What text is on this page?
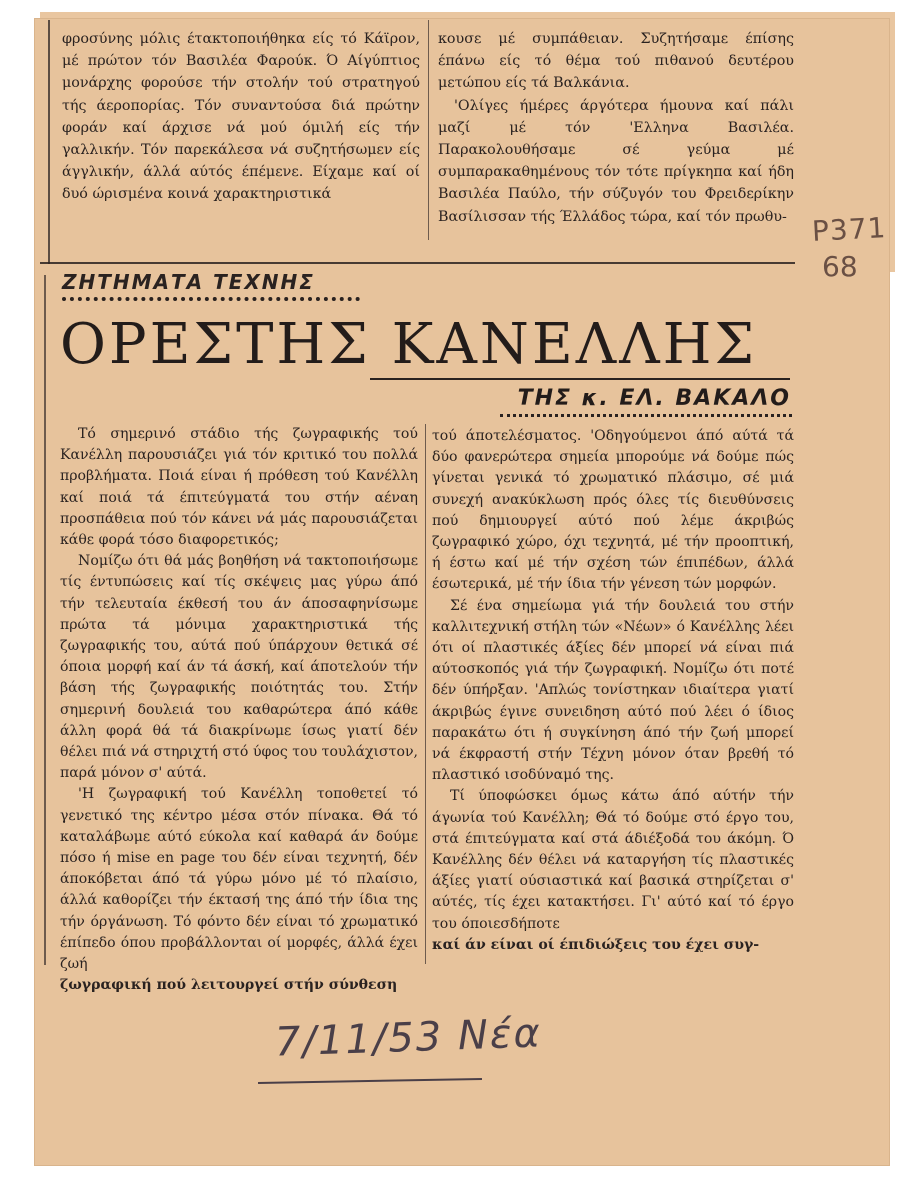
φροσύνης μόλις έτακτοποιήθηκα είς τό Κάϊρον, μέ πρώτον τόν Βασιλέα Φαρούκ. Ό Αίγύπτιος μονάρχης φορούσε τήν στολήν τού στρατηγού τής άεροπορίας. Τόν συναντούσα διά πρώτην φοράν καί άρχισε νά μού όμιλή είς τήν γαλλικήν. Τόν παρεκάλεσα νά συζητήσωμεν είς άγγλικήν, άλλά αύτός έπέμενε. Είχαμε καί οί δυό ώρισμένα κοινά χαρακτηριστικά

κουσε μέ συμπάθειαν. Συζητήσαμε έπίσης έπάνω είς τό θέμα τού πιθανού δευτέρου μετώπου είς τά Βαλκάνια.

'Ολίγες ήμέρες άργότερα ήμουνα καί πάλι μαζί μέ τόν 'Ελληνα Βασιλέα. Παρακολουθήσαμε σέ γεύμα μέ συμπαρακαθημένους τόν τότε πρίγκηπα καί ήδη Βασιλέα Παύλο, τήν σύζυγόν του Φρειδερίκην Βασίλισσαν τής Έλλάδος τώρα, καί τόν πρωθυ-

ΖΗΤΗΜΑΤΑ ΤΕΧΝΗΣ
ΟΡΕΣΤΗΣ ΚΑΝΕΛΛΗΣ
ΤΗΣ κ. ΕΛ. ΒΑΚΑΛΟ

Τό σημερινό στάδιο τής ζωγραφικής τού Κανέλλη παρουσιάζει γιά τόν κριτικό του πολλά προβλήματα. Ποιά είναι ή πρόθεση τού Κανέλλη καί ποιά τά έπιτεύγματά του στήν αέναη προσπάθεια πού τόν κάνει νά μάς παρουσιάζεται κάθε φορά τόσο διαφορετικός;

Νομίζω ότι θά μάς βοηθήση νά τακτοποιήσωμε τίς έντυπώσεις καί τίς σκέψεις μας γύρω άπό τήν τελευταία έκθεσή του άν άποσαφηνίσωμε πρώτα τά μόνιμα χαρακτηριστικά τής ζωγραφικής του, αύτά πού ύπάρχουν θετικά σέ όποια μορφή καί άν τά άσκή, καί άποτελούν τήν βάση τής ζωγραφικής ποιότητάς του. Στήν σημερινή δουλειά του καθαρώτερα άπό κάθε άλλη φορά θά τά διακρίνωμε ίσως γιατί δέν θέλει πιά νά στηριχτή στό ύφος του τουλάχιστον, παρά μόνον σ' αύτά.

'Η ζωγραφική τού Κανέλλη τοποθετεί τό γενετικό της κέντρο μέσα στόν πίνακα. Θά τό καταλάβωμε αύτό εύκολα καί καθαρά άν δούμε πόσο ή mise en page του δέν είναι τεχνητή, δέν άποκόβεται άπό τά γύρω μόνο μέ τό πλαίσιο, άλλά καθορίζει τήν έκτασή της άπό τήν ίδια της τήν όργάνωση. Τό φόντο δέν είναι τό χρωματικό έπίπεδο όπου προβάλλονται οί μορφές, άλλά έχει ζωή

ζωγραφική πού λειτουργεί στήν σύνθεση

τού άποτελέσματος. 'Οδηγούμενοι άπό αύτά τά δύο φανερώτερα σημεία μπορούμε νά δούμε πώς γίνεται γενικά τό χρωματικό πλάσιμο, σέ μιά συνεχή ανακύκλωση πρός όλες τίς διευθύνσεις πού δημιουργεί αύτό πού λέμε άκριβώς ζωγραφικό χώρο, όχι τεχνητά, μέ τήν προοπτική, ή έστω καί μέ τήν σχέση τών έπιπέδων, άλλά έσωτερικά, μέ τήν ίδια τήν γένεση τών μορφών.

Σέ ένα σημείωμα γιά τήν δουλειά του στήν καλλιτεχνική στήλη τών «Νέων» ό Κανέλλης λέει ότι οί πλαστικές άξίες δέν μπορεί νά είναι πιά αύτοσκοπός γιά τήν ζωγραφική. Νομίζω ότι ποτέ δέν ύπήρξαν. 'Απλώς τονίστηκαν ιδιαίτερα γιατί άκριβώς έγινε συνειδηση αύτό πού λέει ό ίδιος παρακάτω ότι ή συγκίνηση άπό τήν ζωή μπορεί νά έκφραστή στήν Τέχνη μόνον όταν βρεθή τό πλαστικό ισοδύναμό της.

Τί ύποφώσκει όμως κάτω άπό αύτήν τήν άγωνία τού Κανέλλη; Θά τό δούμε στό έργο του, στά έπιτεύγματα καί στά άδιέξοδά του άκόμη. Ό Κανέλλης δέν θέλει νά καταργήση τίς πλαστικές άξίες γιατί ούσιαστικά καί βασικά στηρίζεται σ' αύτές, τίς έχει κατακτήσει. Γι' αύτό καί τό έργο του όποιεσδήποτε

καί άν είναι οί έπιδιώξεις του έχει συγ-

Ρ371
68
7/11/53 Νέα
